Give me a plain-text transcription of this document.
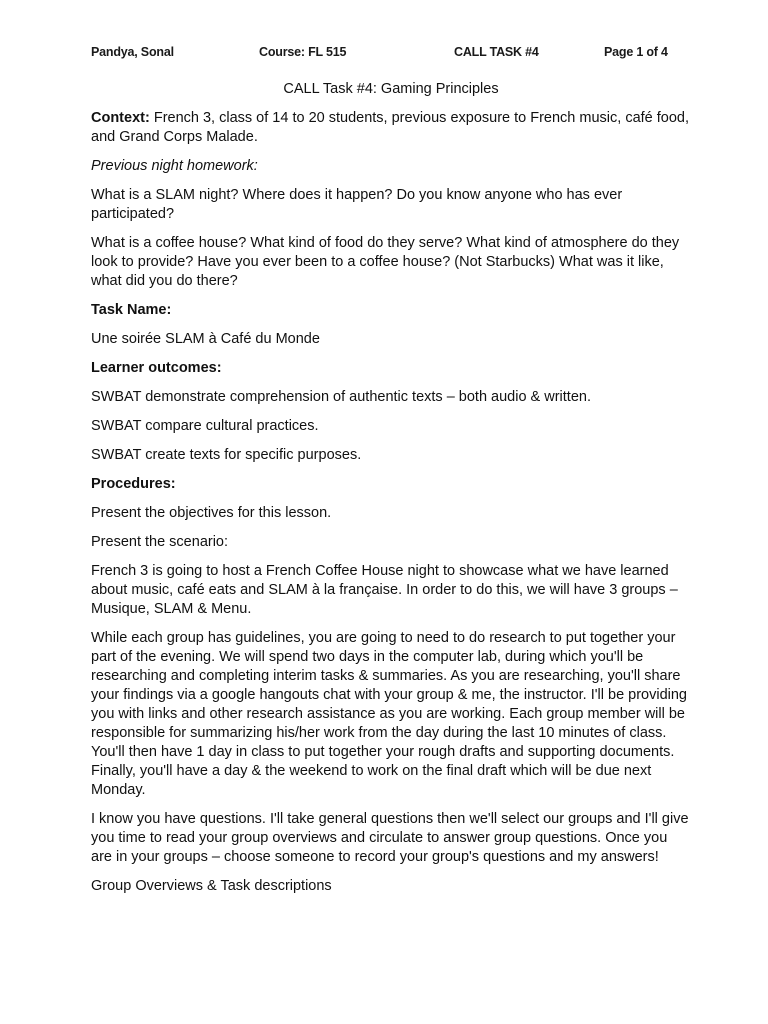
Pandya, Sonal	Course: FL 515	CALL TASK #4	Page 1 of 4
CALL Task #4: Gaming Principles

Context: French 3, class of 14 to 20 students, previous exposure to French music, café food, and Grand Corps Malade.

Previous night homework:

What is a SLAM night? Where does it happen? Do you know anyone who has ever participated?

What is a coffee house? What kind of food do they serve? What kind of atmosphere do they look to provide? Have you ever been to a coffee house? (Not Starbucks) What was it like, what did you do there?

Task Name:

Une soirée SLAM à Café du Monde

Learner outcomes:

SWBAT demonstrate comprehension of authentic texts – both audio & written.

SWBAT compare cultural practices.

SWBAT create texts for specific purposes.

Procedures:

Present the objectives for this lesson.

Present the scenario:

French 3 is going to host a French Coffee House night to showcase what we have learned about music, café eats and SLAM à la française. In order to do this, we will have 3 groups – Musique, SLAM & Menu.

While each group has guidelines, you are going to need to do research to put together your part of the evening. We will spend two days in the computer lab, during which you'll be researching and completing interim tasks & summaries. As you are researching, you'll share your findings via a google hangouts chat with your group & me, the instructor. I'll be providing you with links and other research assistance as you are working. Each group member will be responsible for summarizing his/her work from the day during the last 10 minutes of class. You'll then have 1 day in class to put together your rough drafts and supporting documents. Finally, you'll have a day & the weekend to work on the final draft which will be due next Monday.

I know you have questions. I'll take general questions then we'll select our groups and I'll give you time to read your group overviews and circulate to answer group questions. Once you are in your groups – choose someone to record your group's questions and my answers!

Group Overviews & Task descriptions
